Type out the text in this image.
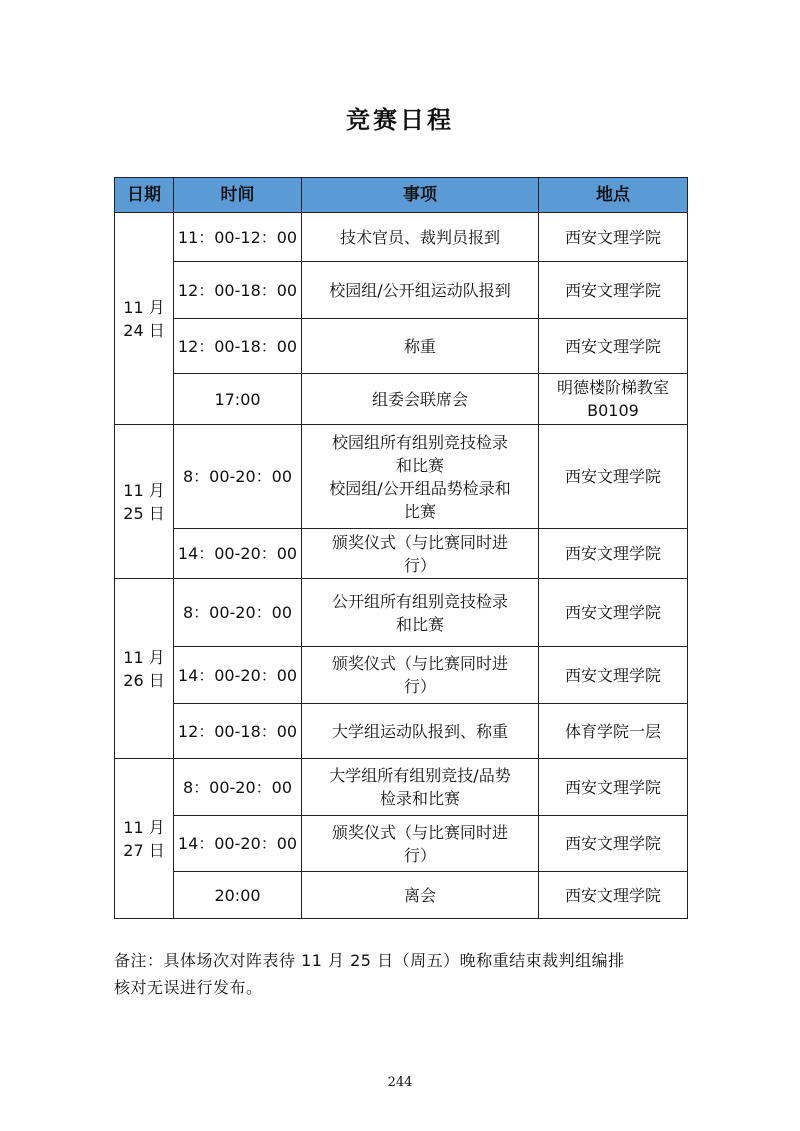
竞赛日程
日期	时间	事项	地点

11 月
24 日	11：00-12：00	技术官员、裁判员报到	西安文理学院

	12：00-18：00	校园组/公开组运动队报到	西安文理学院

	12：00-18：00	称重	西安文理学院

	17:00	组委会联席会	明德楼阶梯教室
B0109

11 月
25 日	8：00-20：00	校园组所有组别竞技检录
和比赛
校园组/公开组品势检录和
比赛	西安文理学院

	14：00-20：00	颁奖仪式（与比赛同时进
行）	西安文理学院

11 月
26 日	8：00-20：00	公开组所有组别竞技检录
和比赛	西安文理学院

	14：00-20：00	颁奖仪式（与比赛同时进
行）	西安文理学院

	12：00-18：00	大学组运动队报到、称重	体育学院一层

11 月
27 日	8：00-20：00	大学组所有组别竞技/品势
检录和比赛	西安文理学院

	14：00-20：00	颁奖仪式（与比赛同时进
行）	西安文理学院

	20:00	离会	西安文理学院
备注：具体场次对阵表待 11 月 25 日（周五）晚称重结束裁判组编排
核对无误进行发布。
244
